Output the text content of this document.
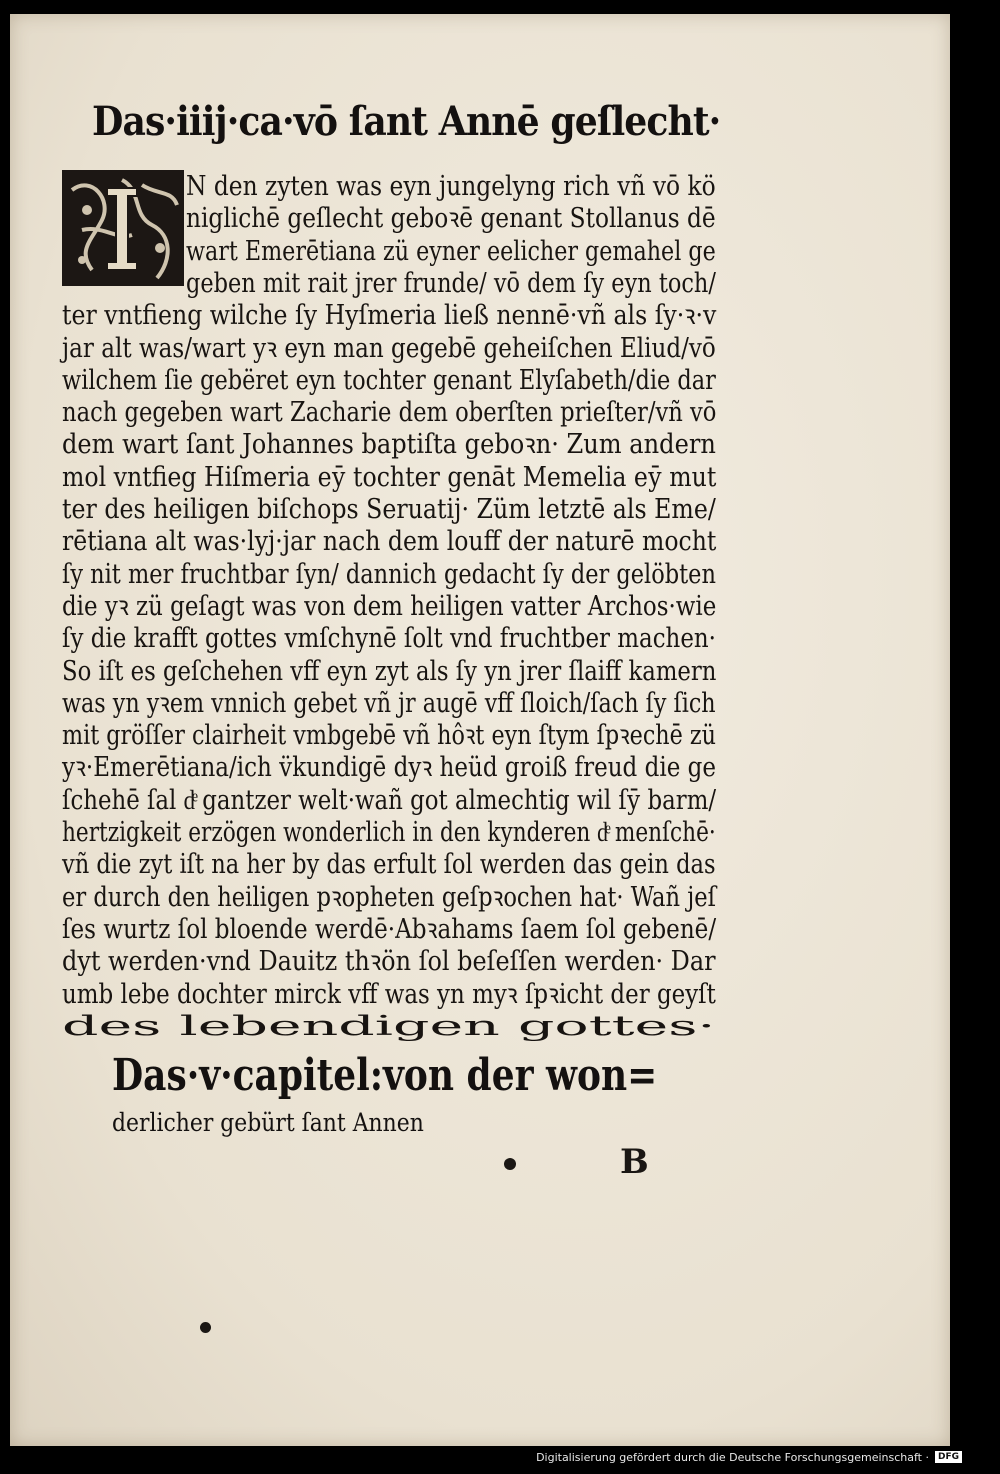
Das·iiij·ca·vō ſant Annē geſlecht·
N den zyten was eyn jungelyng rich vñ vō kö
niglichē geſlecht geboꝛē genant Stollanus dē
wart Emerētiana zü eyner eelicher gemahel ge
geben mit rait jrer frunde/ vō dem ſy eyn toch/
ter vntfieng wilche ſy Hyſmeria ließ nennē·vñ als ſy·ꝛ·v
jar alt was/wart yꝛ eyn man gegebē geheiſchen Eliud/vō
wilchem ſie gebëret eyn tochter genant Elyſabeth/die dar
nach gegeben wart Zacharie dem oberſten prieſter/vñ vō
dem wart ſant Johannes baptiſta geboꝛn· Zum andern
mol vntfieg Hiſmeria eӯ tochter genāt Memelia eӯ mut
ter des heiligen biſchops Seruatij· Züm letztē als Eme/
rētiana alt was·lyj·jar nach dem louff der naturē mocht
ſy nit mer fruchtbar ſyn/ dannich gedacht ſy der gelöbten
die yꝛ zü geſagt was von dem heiligen vatter Archos·wie
ſy die krafft gottes vmſchynē ſolt vnd fruchtber machen·
So iſt es geſchehen vff eyn zyt als ſy yn jrer ſlaiff kamern
was yn yꝛem vnnich gebet vñ jr augē vff ſloich/ſach ſy ſich
mit gröſſer clairheit vmbgebē vñ hôꝛt eyn ſtym ſpꝛechē zü
yꝛ·Emerētiana/ich v̈kundigē dyꝛ heüd groiß freud die ge
ſchehē ſal dͤ gantzer welt·wañ got almechtig wil ſӯ barm/
hertzigkeit erzögen wonderlich in den kynderen dͤ menſchē·
vñ die zyt iſt na her by das erfult ſol werden das gein das
er durch den heiligen pꝛopheten geſpꝛochen hat· Wañ jeſ
ſes wurtz ſol bloende werdē·Abꝛahams ſaem ſol gebenē/
dyt werden·vnd Dauitz thꝛön ſol beſeſſen werden· Dar
umb lebe dochter mirck vff was yn myꝛ ſpꝛicht der geyſt
des lebendigen gottes·
Das·v·capitel:von der won=
derlicher gebürt ſant Annen
B
Digitalisierung gefördert durch die Deutsche Forschungsgemeinschaft ·	DFG
